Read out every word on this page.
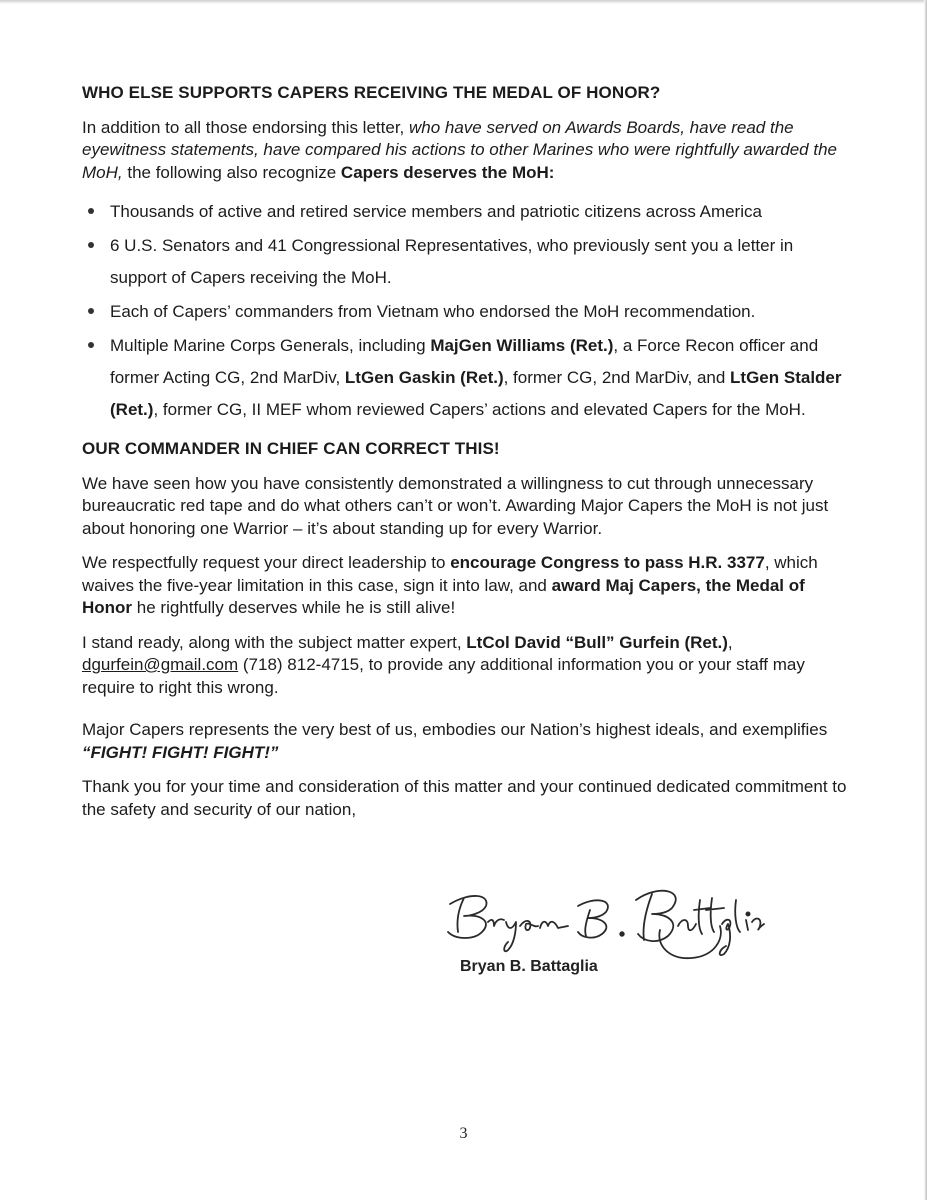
WHO ELSE SUPPORTS CAPERS RECEIVING THE MEDAL OF HONOR?

In addition to all those endorsing this letter, who have served on Awards Boards, have read the eyewitness statements, have compared his actions to other Marines who were rightfully awarded the MoH, the following also recognize Capers deserves the MoH:

Thousands of active and retired service members and patriotic citizens across America
6 U.S. Senators and 41 Congressional Representatives, who previously sent you a letter in support of Capers receiving the MoH.
Each of Capers’ commanders from Vietnam who endorsed the MoH recommendation.
Multiple Marine Corps Generals, including MajGen Williams (Ret.), a Force Recon officer and former Acting CG, 2nd MarDiv, LtGen Gaskin (Ret.), former CG, 2nd MarDiv, and LtGen Stalder (Ret.), former CG, II MEF whom reviewed Capers’ actions and elevated Capers for the MoH.
OUR COMMANDER IN CHIEF CAN CORRECT THIS!

We have seen how you have consistently demonstrated a willingness to cut through unnecessary bureaucratic red tape and do what others can’t or won’t. Awarding Major Capers the MoH is not just about honoring one Warrior – it’s about standing up for every Warrior.

We respectfully request your direct leadership to encourage Congress to pass H.R. 3377, which waives the five-year limitation in this case, sign it into law, and award Maj Capers, the Medal of Honor he rightfully deserves while he is still alive!

I stand ready, along with the subject matter expert, LtCol David “Bull” Gurfein (Ret.), dgurfein@gmail.com (718) 812-4715, to provide any additional information you or your staff may require to right this wrong.

Major Capers represents the very best of us, embodies our Nation’s highest ideals, and exemplifies “FIGHT! FIGHT! FIGHT!”

Thank you for your time and consideration of this matter and your continued dedicated commitment to the safety and security of our nation,

Bryan B. Battaglia
3
